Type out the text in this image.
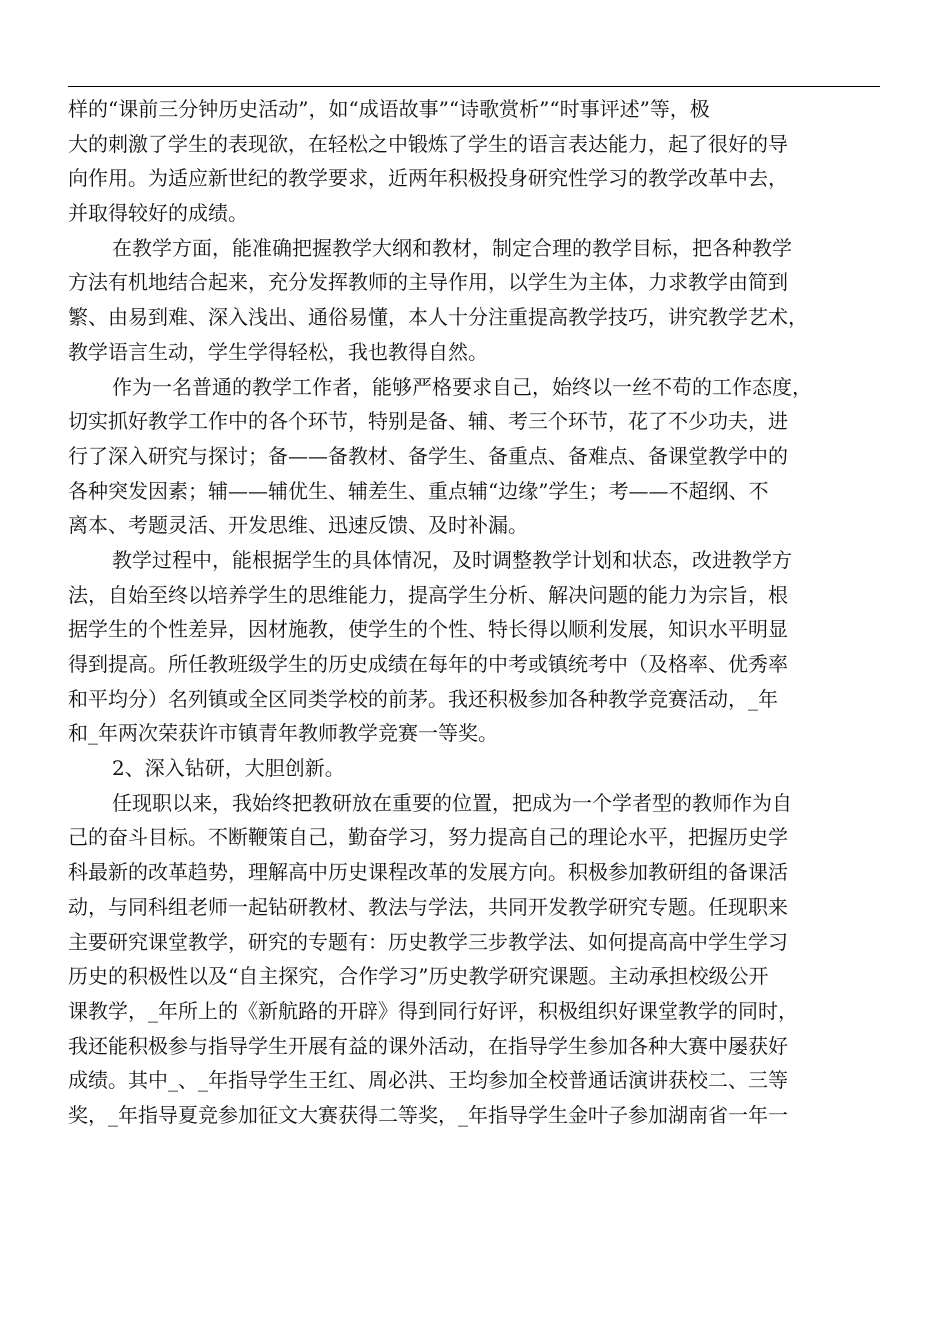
样的“课前三分钟历史活动”，如“成语故事”“诗歌赏析”“时事评述”等，极
大的刺激了学生的表现欲，在轻松之中锻炼了学生的语言表达能力，起了很好的导
向作用。为适应新世纪的教学要求，近两年积极投身研究性学习的教学改革中去，
并取得较好的成绩。
在教学方面，能准确把握教学大纲和教材，制定合理的教学目标，把各种教学
方法有机地结合起来，充分发挥教师的主导作用，以学生为主体，力求教学由简到
繁、由易到难、深入浅出、通俗易懂，本人十分注重提高教学技巧，讲究教学艺术，
教学语言生动，学生学得轻松，我也教得自然。
作为一名普通的教学工作者，能够严格要求自己，始终以一丝不苟的工作态度，
切实抓好教学工作中的各个环节，特别是备、辅、考三个环节，花了不少功夫，进
行了深入研究与探讨；备——备教材、备学生、备重点、备难点、备课堂教学中的
各种突发因素；辅——辅优生、辅差生、重点辅“边缘”学生；考——不超纲、不
离本、考题灵活、开发思维、迅速反馈、及时补漏。
教学过程中，能根据学生的具体情况，及时调整教学计划和状态，改进教学方
法，自始至终以培养学生的思维能力，提高学生分析、解决问题的能力为宗旨，根
据学生的个性差异，因材施教，使学生的个性、特长得以顺利发展，知识水平明显
得到提高。所任教班级学生的历史成绩在每年的中考或镇统考中（及格率、优秀率
和平均分）名列镇或全区同类学校的前茅。我还积极参加各种教学竞赛活动，_年
和_年两次荣获许市镇青年教师教学竞赛一等奖。
2、深入钻研，大胆创新。
任现职以来，我始终把教研放在重要的位置，把成为一个学者型的教师作为自
己的奋斗目标。不断鞭策自己，勤奋学习，努力提高自己的理论水平，把握历史学
科最新的改革趋势，理解高中历史课程改革的发展方向。积极参加教研组的备课活
动，与同科组老师一起钻研教材、教法与学法，共同开发教学研究专题。任现职来
主要研究课堂教学，研究的专题有：历史教学三步教学法、如何提高高中学生学习
历史的积极性以及“自主探究，合作学习”历史教学研究课题。主动承担校级公开
课教学，_年所上的《新航路的开辟》得到同行好评，积极组织好课堂教学的同时，
我还能积极参与指导学生开展有益的课外活动，在指导学生参加各种大赛中屡获好
成绩。其中_、_年指导学生王红、周必洪、王均参加全校普通话演讲获校二、三等
奖，_年指导夏竞参加征文大赛获得二等奖，_年指导学生金叶子参加湖南省一年一
